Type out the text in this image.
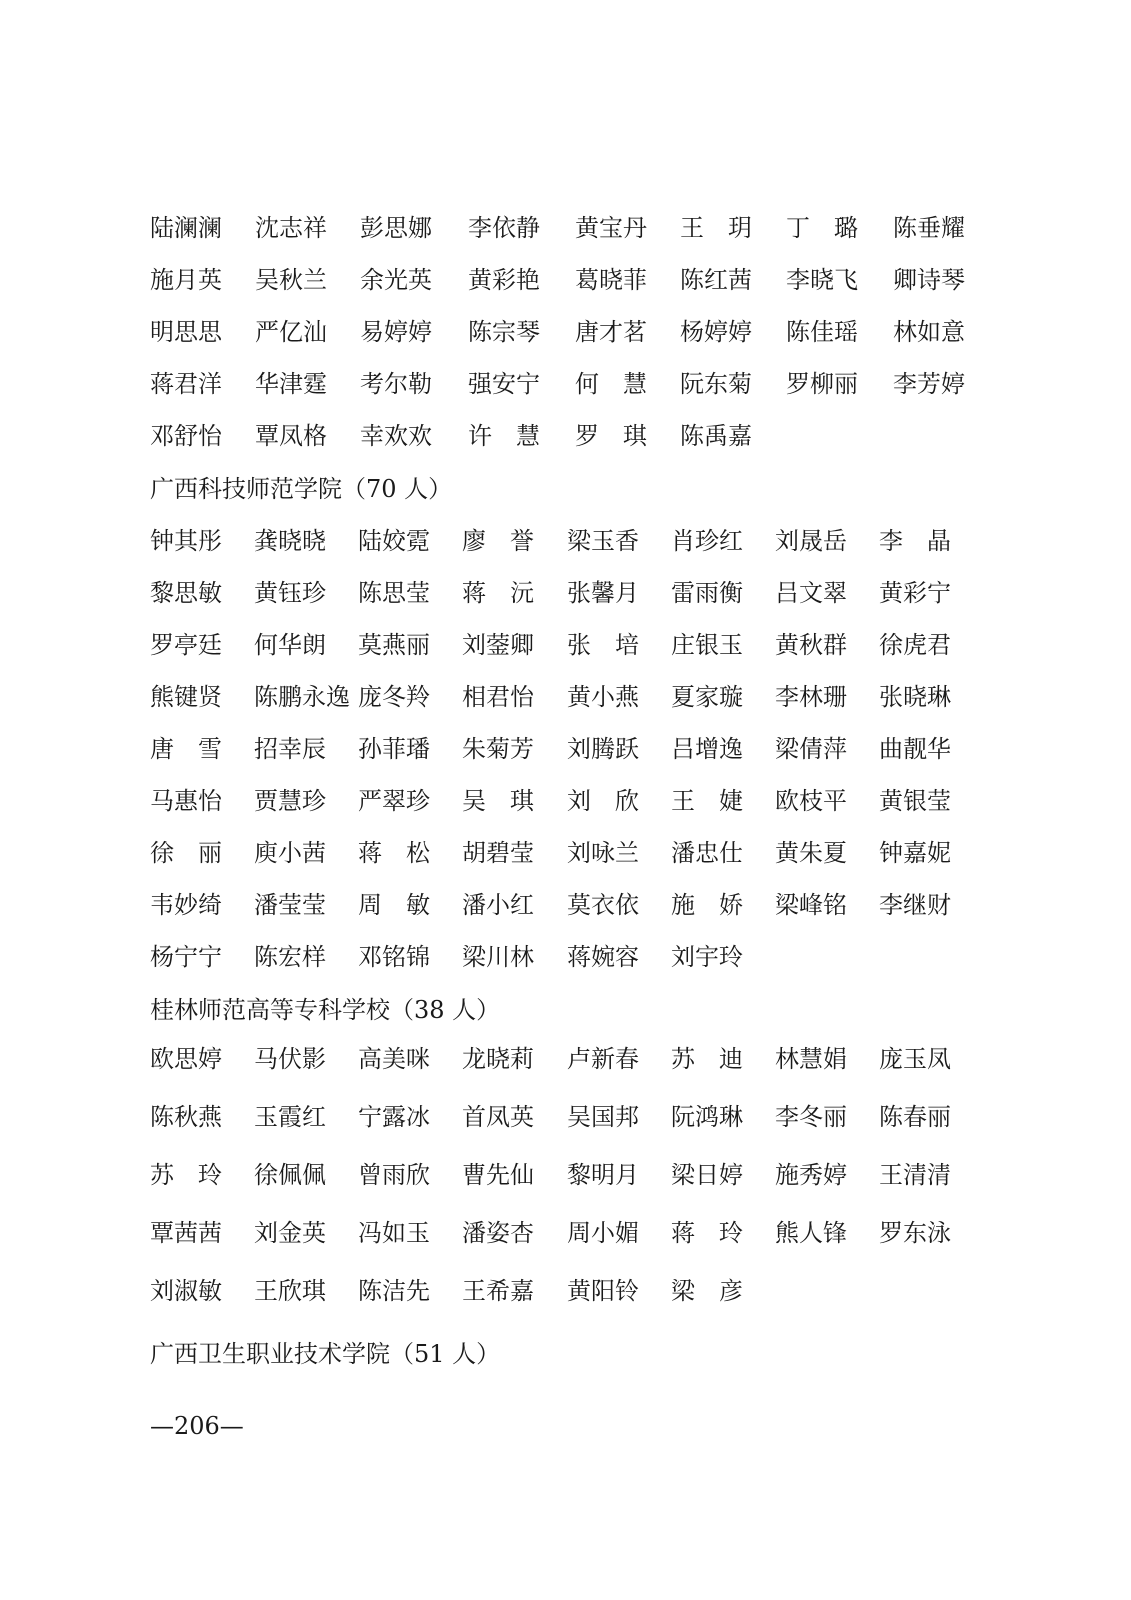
陆澜澜 沈志祥 彭思娜 李依静 黄宝丹 王　玥 丁　璐 陈垂耀
施月英 吴秋兰 余光英 黄彩艳 葛晓菲 陈红茜 李晓飞 卿诗琴
明思思 严亿汕 易婷婷 陈宗琴 唐才茗 杨婷婷 陈佳瑶 林如意
蒋君洋 华津霆 考尔勒 强安宁 何　慧 阮东菊 罗柳丽 李芳婷
邓舒怡 覃凤格 幸欢欢 许　慧 罗　琪 陈禹嘉
广西科技师范学院（70 人）
钟其彤 龚晓晓 陆姣霓 廖　誉 梁玉香 肖珍红 刘晟岳 李　晶
黎思敏 黄钰珍 陈思莹 蒋　沅 张馨月 雷雨衡 吕文翠 黄彩宁
罗亭廷 何华朗 莫燕丽 刘蓥卿 张　培 庄银玉 黄秋群 徐虎君
熊键贤 陈鹏永逸 庞冬羚 相君怡 黄小燕 夏家璇 李林珊 张晓琳
唐　雪 招幸辰 孙菲璠 朱菊芳 刘腾跃 吕增逸 梁倩萍 曲靓华
马惠怡 贾慧珍 严翠珍 吴　琪 刘　欣 王　婕 欧枝平 黄银莹
徐　丽 庾小茜 蒋　松 胡碧莹 刘咏兰 潘忠仕 黄朱夏 钟嘉妮
韦妙绮 潘莹莹 周　敏 潘小红 莫衣依 施　娇 梁峰铭 李继财
杨宁宁 陈宏样 邓铭锦 梁川林 蒋婉容 刘宇玲
桂林师范高等专科学校（38 人）
欧思婷 马伏影 高美咪 龙晓莉 卢新春 苏　迪 林慧娟 庞玉凤
陈秋燕 玉霞红 宁露冰 首凤英 吴国邦 阮鸿琳 李冬丽 陈春丽
苏　玲 徐佩佩 曾雨欣 曹先仙 黎明月 梁日婷 施秀婷 王清清
覃茜茜 刘金英 冯如玉 潘姿杏 周小媚 蒋　玲 熊人锋 罗东泳
刘淑敏 王欣琪 陈洁先 王希嘉 黄阳铃 梁　彦
广西卫生职业技术学院（51 人）
—206—
